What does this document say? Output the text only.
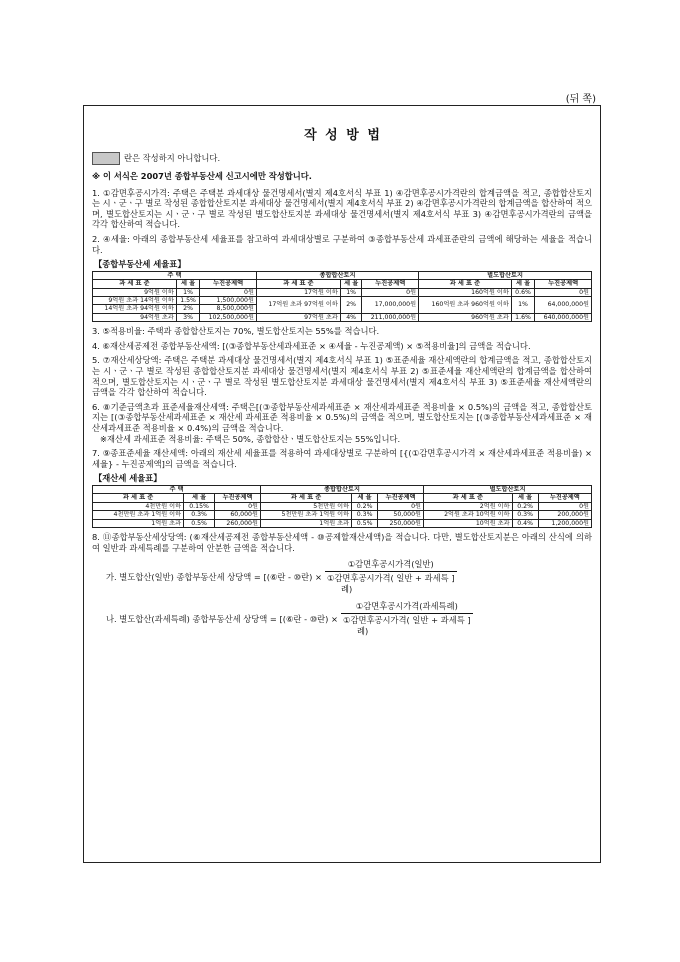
(뒤 쪽)
작 성 방 법
란은 작성하지 아니합니다.
※ 이 서식은 2007년 종합부동산세 신고시에만 작성합니다.
1. ①감면후공시가격: 주택은 주택분 과세대상 물건명세서(별지 제4호서식 부표 1) ④감면후공시가격란의 합계금액을 적고, 종합합산토지는 시ㆍ군ㆍ구 별로 작성된 종합합산토지분 과세대상 물건명세서(별지 제4호서식 부표 2) ④감면후공시가격란의 합계금액을 합산하여 적으며, 별도합산토지는 시ㆍ군ㆍ구 별로 작성된 별도합산토지분 과세대상 물건명세서(별지 제4호서식 부표 3) ④감면후공시가격란의 금액을 각각 합산하여 적습니다.
2. ④세율: 아래의 종합부동산세 세율표를 참고하여 과세대상별로 구분하여 ③종합부동산세 과세표준란의 금액에 해당하는 세율을 적습니다.
【종합부동산세 세율표】
주 택			종합합산토지			별도합산토지		
과 세 표 준	세 율	누진공제액	과 세 표 준	세 율	누진공제액	과 세 표 준	세 율	누진공제액
9억원 이하	1%	0원	17억원 이하	1%	0원	160억원 이하	0.6%	0원
9억원 초과 14억원 이하	1.5%	1,500,000원	17억원 초과 97억원 이하	2%	17,000,000원	160억원 초과 960억원 이하	1%	64,000,000원
14억원 초과 94억원 이하	2%	8,500,000원						
94억원 초과	3%	102,500,000원	97억원 초과	4%	211,000,000원	960억원 초과	1.6%	640,000,000원
3. ⑤적용비율: 주택과 종합합산토지는 70%, 별도합산토지는 55%를 적습니다.
4. ⑥재산세공제전 종합부동산세액: [(③종합부동산세과세표준 × ④세율 - 누진공제액) × ⑤적용비율]의 금액을 적습니다.
5. ⑦재산세상당액: 주택은 주택분 과세대상 물건명세서(별지 제4호서식 부표 1) ⑤표준세율 재산세액란의 합계금액을 적고, 종합합산토지는 시ㆍ군ㆍ구 별로 작성된 종합합산토지분 과세대상 물건명세서(별지 제4호서식 부표 2) ⑤표준세율 재산세액란의 합계금액을 합산하여 적으며, 별도합산토지는 시ㆍ군ㆍ구 별로 작성된 별도합산토지분 과세대상 물건명세서(별지 제4호서식 부표 3) ⑤표준세율 재산세액란의 금액을 각각 합산하여 적습니다.
6. ⑧기준금액초과 표준세율재산세액: 주택은[(③종합부동산세과세표준 × 재산세과세표준 적용비율 × 0.5%)의 금액을 적고, 종합합산토지는 [(③종합부동산세과세표준 × 재산세 과세표준 적용비율 × 0.5%)의 금액을 적으며, 별도합산토지는 [(③종합부동산세과세표준 × 재산세과세표준 적용비율 × 0.4%)의 금액을 적습니다.
※재산세 과세표준 적용비율: 주택은 50%, 종합합산ㆍ별도합산토지는 55%입니다.
7. ⑨종표준세율 재산세액: 아래의 재산세 세율표를 적용하여 과세대상별로 구분하여 [{(①감면후공시가격 × 재산세과세표준 적용비율) × 세율} - 누진공제액]의 금액을 적습니다.
【재산세 세율표】
주 택			종합합산토지			별도합산토지		
과 세 표 준	세 율	누진공제액	과 세 표 준	세 율	누진공제액	과 세 표 준	세 율	누진공제액
4천만원 이하	0.15%	0원	5천만원 이하	0.2%	0원	2억원 이하	0.2%	0원
4천만원 초과 1억원 이하	0.3%	60,000원	5천만원 초과 1억원 이하	0.3%	50,000원	2억원 초과 10억원 이하	0.3%	200,000원
1억원 초과	0.5%	260,000원	1억원 초과	0.5%	250,000원	10억원 초과	0.4%	1,200,000원
8. ⑪종합부동산세상당액: (⑥재산세공제전 종합부동산세액 - ⑩공제할재산세액)을 적습니다. 다만, 별도합산토지분은 아래의 산식에 의하여 일반과 과세특례를 구분하여 안분한 금액을 적습니다.
가. 별도합산(일반) 종합부동산세 상당액 = [(⑥란 - ⑩란) ×
①감면후공시가격(일반)
①감면후공시가격( 일반 + 과세특 ]
례)
나. 별도합산(과세특례) 종합부동산세 상당액 = [(⑥란 - ⑩란) ×
①감면후공시가격(과세특례)
①감면후공시가격( 일반 + 과세특 ]
례)
